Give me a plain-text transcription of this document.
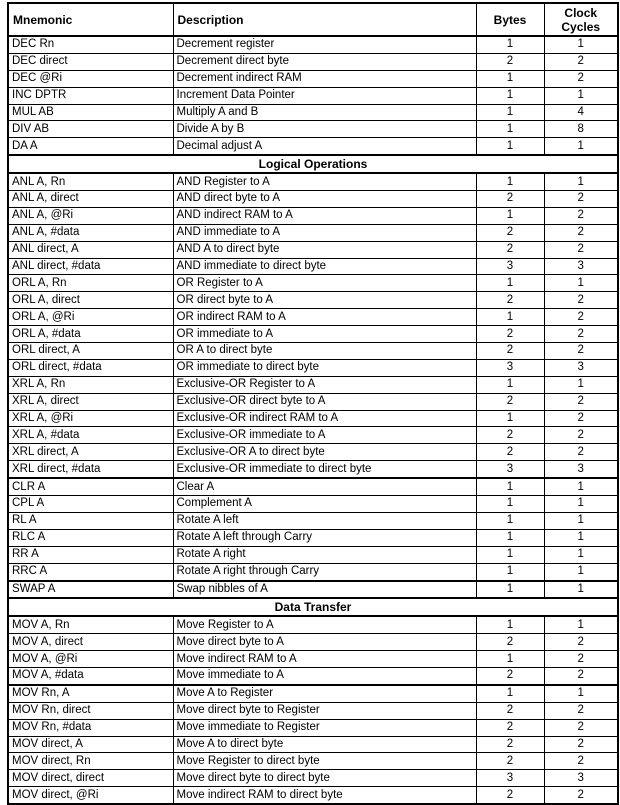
Mnemonic	Description	Bytes	Clock
Cycles
DEC Rn	Decrement register	1	1
DEC direct	Decrement direct byte	2	2
DEC @Ri	Decrement indirect RAM	1	2
INC DPTR	Increment Data Pointer	1	1
MUL AB	Multiply A and B	1	4
DIV AB	Divide A by B	1	8
DA A	Decimal adjust A	1	1
Logical Operations			
ANL A, Rn	AND Register to A	1	1
ANL A, direct	AND direct byte to A	2	2
ANL A, @Ri	AND indirect RAM to A	1	2
ANL A, #data	AND immediate to A	2	2
ANL direct, A	AND A to direct byte	2	2
ANL direct, #data	AND immediate to direct byte	3	3
ORL A, Rn	OR Register to A	1	1
ORL A, direct	OR direct byte to A	2	2
ORL A, @Ri	OR indirect RAM to A	1	2
ORL A, #data	OR immediate to A	2	2
ORL direct, A	OR A to direct byte	2	2
ORL direct, #data	OR immediate to direct byte	3	3
XRL A, Rn	Exclusive-OR Register to A	1	1
XRL A, direct	Exclusive-OR direct byte to A	2	2
XRL A, @Ri	Exclusive-OR indirect RAM to A	1	2
XRL A, #data	Exclusive-OR immediate to A	2	2
XRL direct, A	Exclusive-OR A to direct byte	2	2
XRL direct, #data	Exclusive-OR immediate to direct byte	3	3
CLR A	Clear A	1	1
CPL A	Complement A	1	1
RL A	Rotate A left	1	1
RLC A	Rotate A left through Carry	1	1
RR A	Rotate A right	1	1
RRC A	Rotate A right through Carry	1	1
SWAP A	Swap nibbles of A	1	1
Data Transfer			
MOV A, Rn	Move Register to A	1	1
MOV A, direct	Move direct byte to A	2	2
MOV A, @Ri	Move indirect RAM to A	1	2
MOV A, #data	Move immediate to A	2	2
MOV Rn, A	Move A to Register	1	1
MOV Rn, direct	Move direct byte to Register	2	2
MOV Rn, #data	Move immediate to Register	2	2
MOV direct, A	Move A to direct byte	2	2
MOV direct, Rn	Move Register to direct byte	2	2
MOV direct, direct	Move direct byte to direct byte	3	3
MOV direct, @Ri	Move indirect RAM to direct byte	2	2
